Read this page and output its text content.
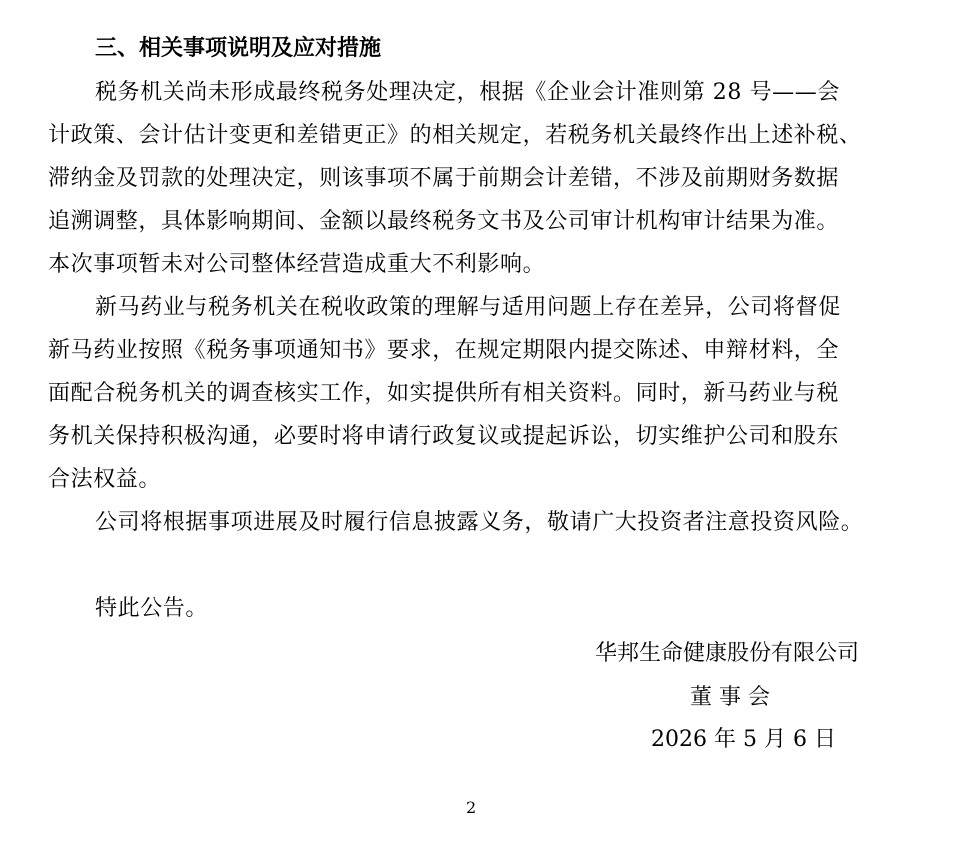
三、相关事项说明及应对措施
税务机关尚未形成最终税务处理决定，根据《企业会计准则第 28 号——会
计政策、会计估计变更和差错更正》的相关规定，若税务机关最终作出上述补税、
滞纳金及罚款的处理决定，则该事项不属于前期会计差错，不涉及前期财务数据
追溯调整，具体影响期间、金额以最终税务文书及公司审计机构审计结果为准。
本次事项暂未对公司整体经营造成重大不利影响。
新马药业与税务机关在税收政策的理解与适用问题上存在差异，公司将督促
新马药业按照《税务事项通知书》要求，在规定期限内提交陈述、申辩材料，全
面配合税务机关的调查核实工作，如实提供所有相关资料。同时，新马药业与税
务机关保持积极沟通，必要时将申请行政复议或提起诉讼，切实维护公司和股东
合法权益。
公司将根据事项进展及时履行信息披露义务，敬请广大投资者注意投资风险。
特此公告。
华邦生命健康股份有限公司
董 事 会
2026 年 5 月 6 日
2
